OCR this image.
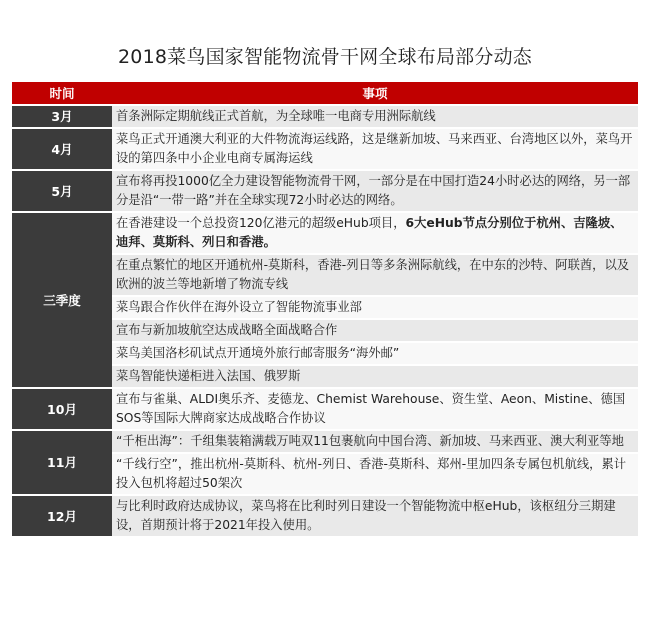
2018菜鸟国家智能物流骨干网全球布局部分动态
时间	事项
3月	首条洲际定期航线正式首航，为全球唯一电商专用洲际航线
4月	菜鸟正式开通澳大利亚的大件物流海运线路，这是继新加坡、马来西亚、台湾地区以外，菜鸟开设的第四条中小企业电商专属海运线
5月	宣布将再投1000亿全力建设智能物流骨干网，一部分是在中国打造24小时必达的网络，另一部分是沿“一带一路”并在全球实现72小时必达的网络。
三季度	在香港建设一个总投资120亿港元的超级eHub项目，6大eHub节点分别位于杭州、吉隆坡、迪拜、莫斯科、列日和香港。
	在重点繁忙的地区开通杭州-莫斯科，香港-列日等多条洲际航线，在中东的沙特、阿联酋，以及欧洲的波兰等地新增了物流专线
	菜鸟跟合作伙伴在海外设立了智能物流事业部
	宣布与新加坡航空达成战略全面战略合作
	菜鸟美国洛杉矶试点开通境外旅行邮寄服务“海外邮”
	菜鸟智能快递柜进入法国、俄罗斯
10月	宣布与雀巢、ALDI奥乐齐、麦德龙、Chemist Warehouse、资生堂、Aeon、Mistine、德国SOS等国际大牌商家达成战略合作协议
11月	“千柜出海”：千组集装箱满载万吨双11包裹航向中国台湾、新加坡、马来西亚、澳大利亚等地
	“千线行空”，推出杭州-莫斯科、杭州-列日、香港-莫斯科、郑州-里加四条专属包机航线，累计投入包机将超过50架次
12月	与比利时政府达成协议，菜鸟将在比利时列日建设一个智能物流中枢eHub，该枢纽分三期建设，首期预计将于2021年投入使用。
